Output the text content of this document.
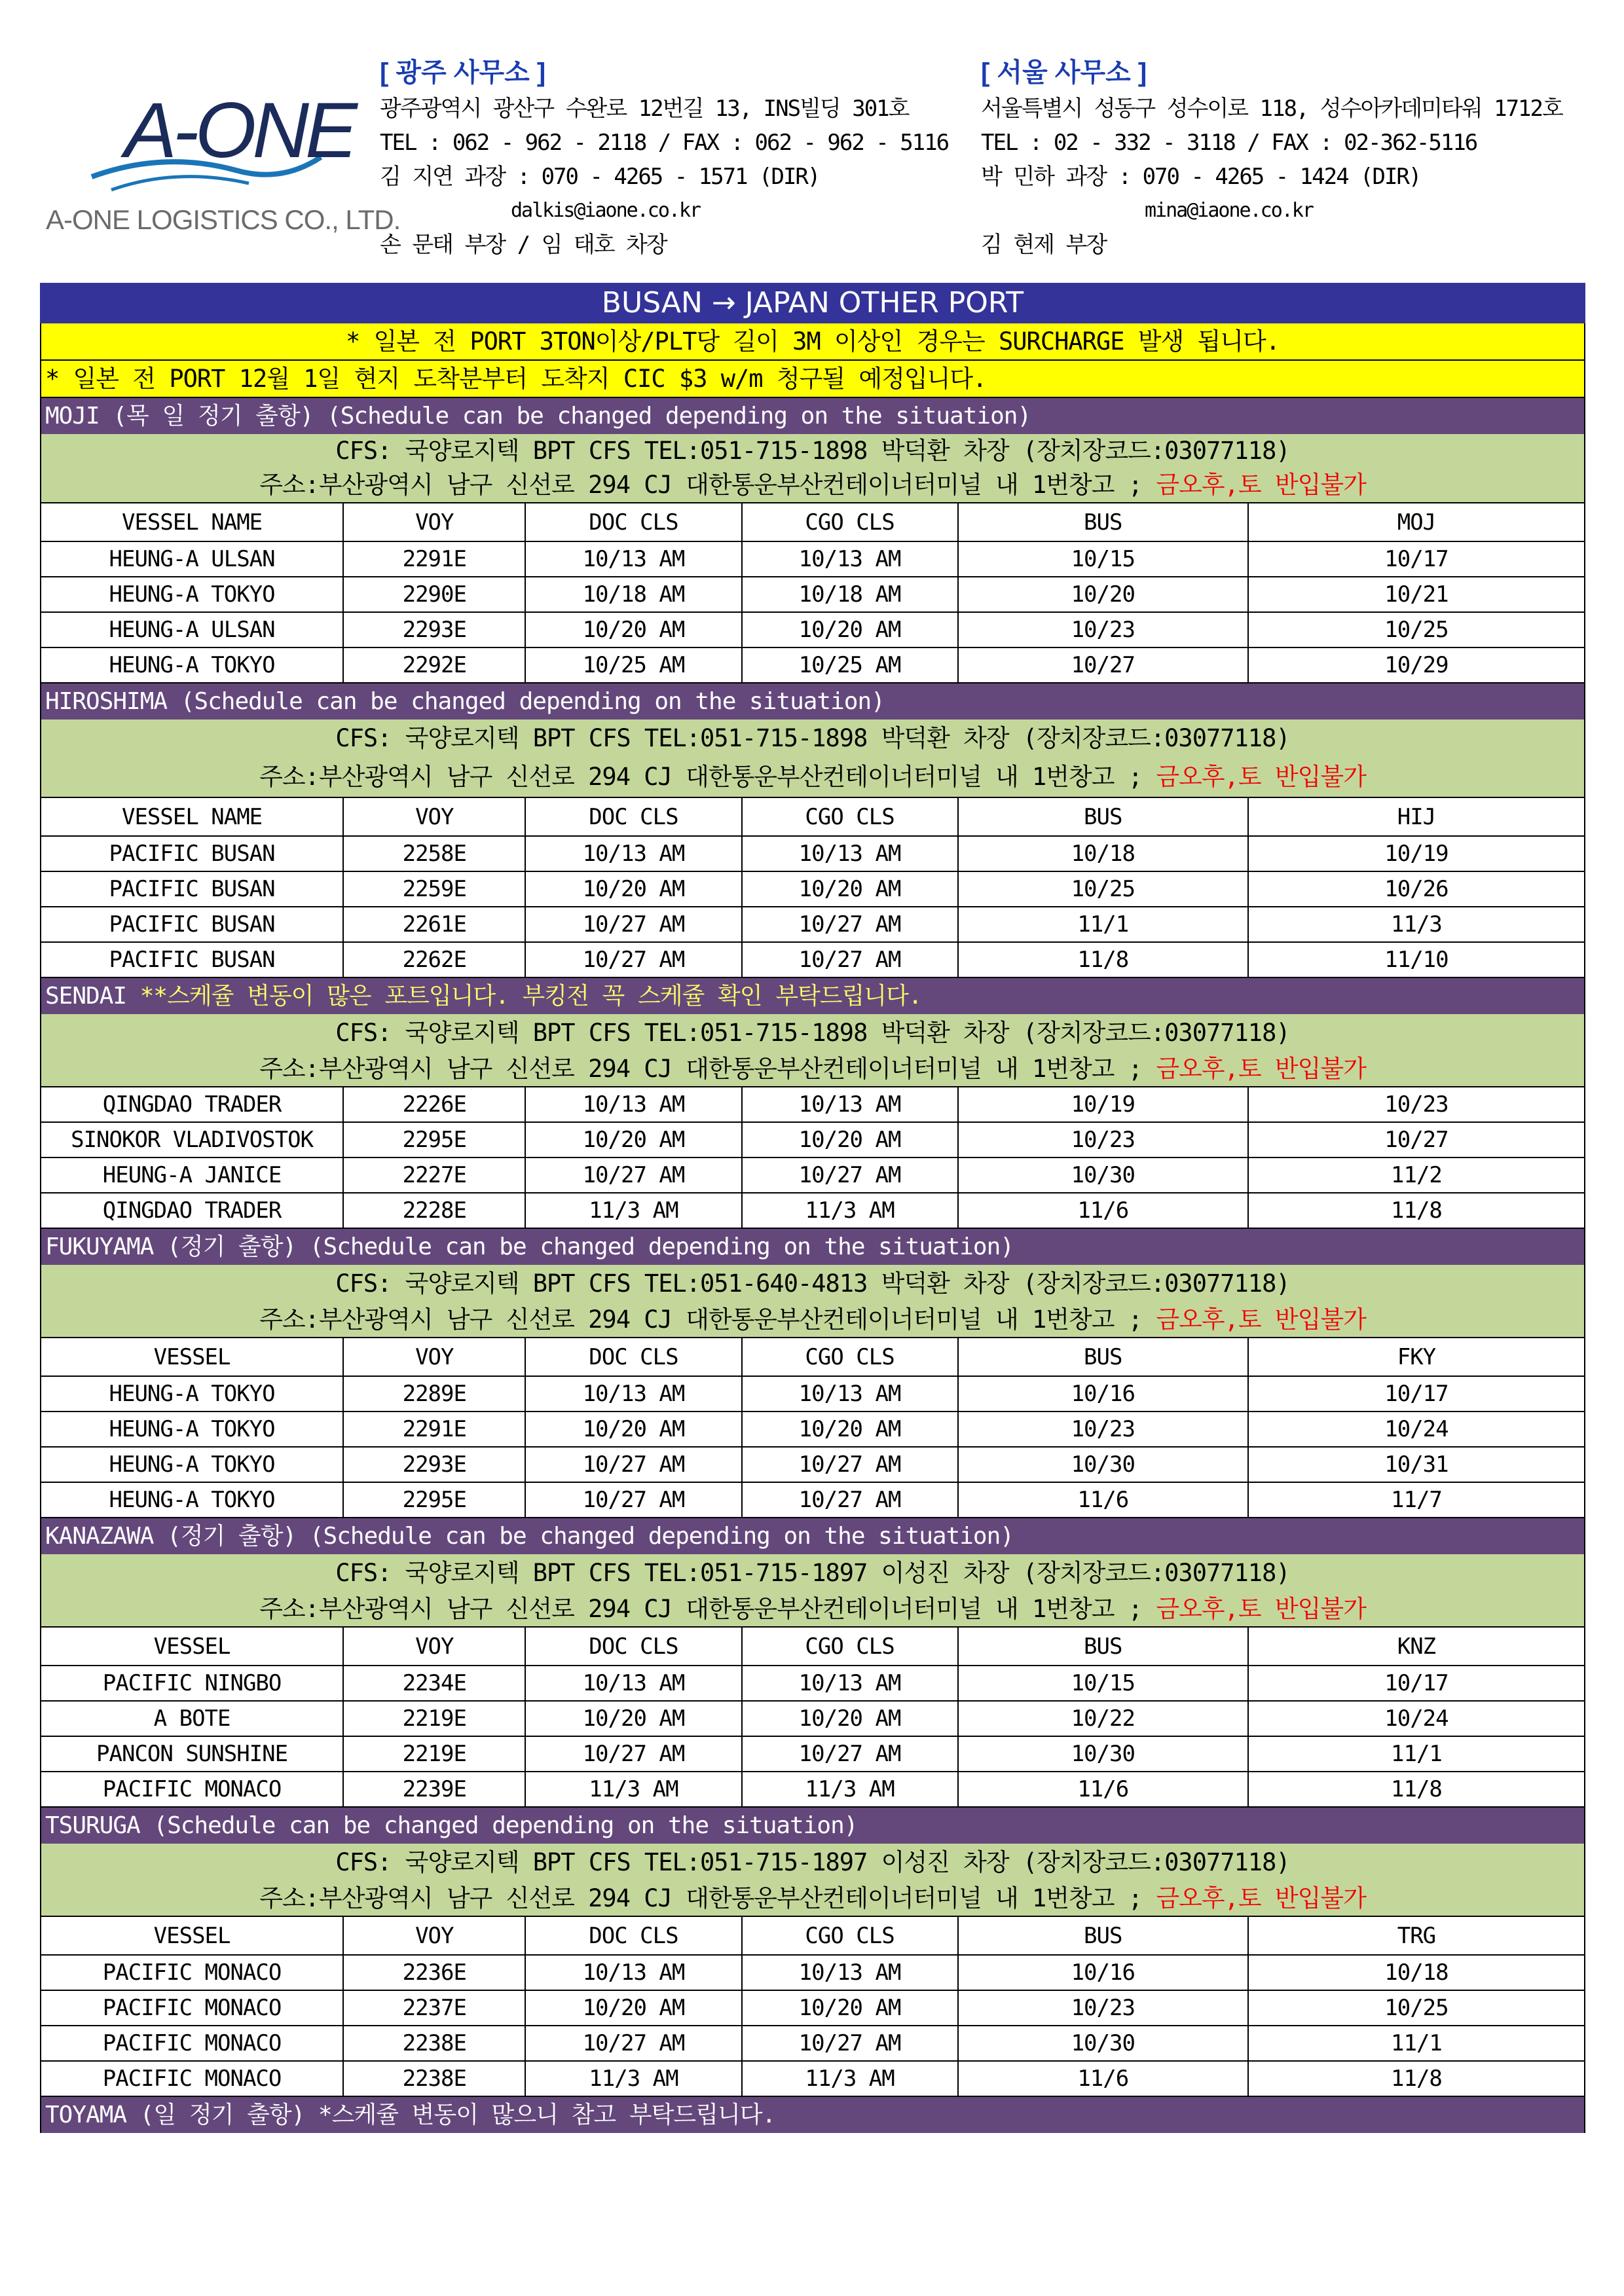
A-ONE
A-ONE LOGISTICS CO., LTD.
[ 광주 사무소 ]
광주광역시 광산구 수완로 12번길 13, INS빌딩 301호
TEL : 062 - 962 - 2118 / FAX : 062 - 962 - 5116
김 지연 과장 : 070 - 4265 - 1571 (DIR)
dalkis@iaone.co.kr
손 문태 부장 / 임 태호 차장
[ 서울 사무소 ]
서울특별시 성동구 성수이로 118, 성수아카데미타워 1712호
TEL : 02 - 332 - 3118 / FAX : 02-362-5116
박 민하 과장 : 070 - 4265 - 1424 (DIR)
mina@iaone.co.kr
김 현제 부장
BUSAN → JAPAN OTHER PORT
* 일본 전 PORT 3TON이상/PLT당 길이 3M 이상인 경우는 SURCHARGE 발생 됩니다.
* 일본 전 PORT 12월 1일 현지 도착분부터 도착지 CIC $3 w/m 청구될 예정입니다.
MOJI (목 일 정기 출항) (Schedule can be changed depending on the situation)
CFS: 국양로지텍 BPT CFS TEL:051-715-1898 박덕환 차장 (장치장코드:03077118)
주소:부산광역시 남구 신선로 294 CJ 대한통운부산컨테이너터미널 내 1번창고 ; 금오후,토 반입불가
VESSEL NAME	VOY	DOC CLS	CGO CLS	BUS	MOJ
HEUNG-A ULSAN	2291E	10/13 AM	10/13 AM	10/15	10/17
HEUNG-A TOKYO	2290E	10/18 AM	10/18 AM	10/20	10/21
HEUNG-A ULSAN	2293E	10/20 AM	10/20 AM	10/23	10/25
HEUNG-A TOKYO	2292E	10/25 AM	10/25 AM	10/27	10/29
HIROSHIMA (Schedule can be changed depending on the situation)
CFS: 국양로지텍 BPT CFS TEL:051-715-1898 박덕환 차장 (장치장코드:03077118)
주소:부산광역시 남구 신선로 294 CJ 대한통운부산컨테이너터미널 내 1번창고 ; 금오후,토 반입불가
VESSEL NAME	VOY	DOC CLS	CGO CLS	BUS	HIJ
PACIFIC BUSAN	2258E	10/13 AM	10/13 AM	10/18	10/19
PACIFIC BUSAN	2259E	10/20 AM	10/20 AM	10/25	10/26
PACIFIC BUSAN	2261E	10/27 AM	10/27 AM	11/1	11/3
PACIFIC BUSAN	2262E	10/27 AM	10/27 AM	11/8	11/10
SENDAI **스케쥴 변동이 많은 포트입니다. 부킹전 꼭 스케쥴 확인 부탁드립니다.
CFS: 국양로지텍 BPT CFS TEL:051-715-1898 박덕환 차장 (장치장코드:03077118)
주소:부산광역시 남구 신선로 294 CJ 대한통운부산컨테이너터미널 내 1번창고 ; 금오후,토 반입불가
QINGDAO TRADER	2226E	10/13 AM	10/13 AM	10/19	10/23
SINOKOR VLADIVOSTOK	2295E	10/20 AM	10/20 AM	10/23	10/27
HEUNG-A JANICE	2227E	10/27 AM	10/27 AM	10/30	11/2
QINGDAO TRADER	2228E	11/3 AM	11/3 AM	11/6	11/8
FUKUYAMA (정기 출항) (Schedule can be changed depending on the situation)
CFS: 국양로지텍 BPT CFS TEL:051-640-4813 박덕환 차장 (장치장코드:03077118)
주소:부산광역시 남구 신선로 294 CJ 대한통운부산컨테이너터미널 내 1번창고 ; 금오후,토 반입불가
VESSEL	VOY	DOC CLS	CGO CLS	BUS	FKY
HEUNG-A TOKYO	2289E	10/13 AM	10/13 AM	10/16	10/17
HEUNG-A TOKYO	2291E	10/20 AM	10/20 AM	10/23	10/24
HEUNG-A TOKYO	2293E	10/27 AM	10/27 AM	10/30	10/31
HEUNG-A TOKYO	2295E	10/27 AM	10/27 AM	11/6	11/7
KANAZAWA (정기 출항) (Schedule can be changed depending on the situation)
CFS: 국양로지텍 BPT CFS TEL:051-715-1897 이성진 차장 (장치장코드:03077118)
주소:부산광역시 남구 신선로 294 CJ 대한통운부산컨테이너터미널 내 1번창고 ; 금오후,토 반입불가
VESSEL	VOY	DOC CLS	CGO CLS	BUS	KNZ
PACIFIC NINGBO	2234E	10/13 AM	10/13 AM	10/15	10/17
A BOTE	2219E	10/20 AM	10/20 AM	10/22	10/24
PANCON SUNSHINE	2219E	10/27 AM	10/27 AM	10/30	11/1
PACIFIC MONACO	2239E	11/3 AM	11/3 AM	11/6	11/8
TSURUGA (Schedule can be changed depending on the situation)
CFS: 국양로지텍 BPT CFS TEL:051-715-1897 이성진 차장 (장치장코드:03077118)
주소:부산광역시 남구 신선로 294 CJ 대한통운부산컨테이너터미널 내 1번창고 ; 금오후,토 반입불가
VESSEL	VOY	DOC CLS	CGO CLS	BUS	TRG
PACIFIC MONACO	2236E	10/13 AM	10/13 AM	10/16	10/18
PACIFIC MONACO	2237E	10/20 AM	10/20 AM	10/23	10/25
PACIFIC MONACO	2238E	10/27 AM	10/27 AM	10/30	11/1
PACIFIC MONACO	2238E	11/3 AM	11/3 AM	11/6	11/8
TOYAMA (일 정기 출항) *스케쥴 변동이 많으니 참고 부탁드립니다.
